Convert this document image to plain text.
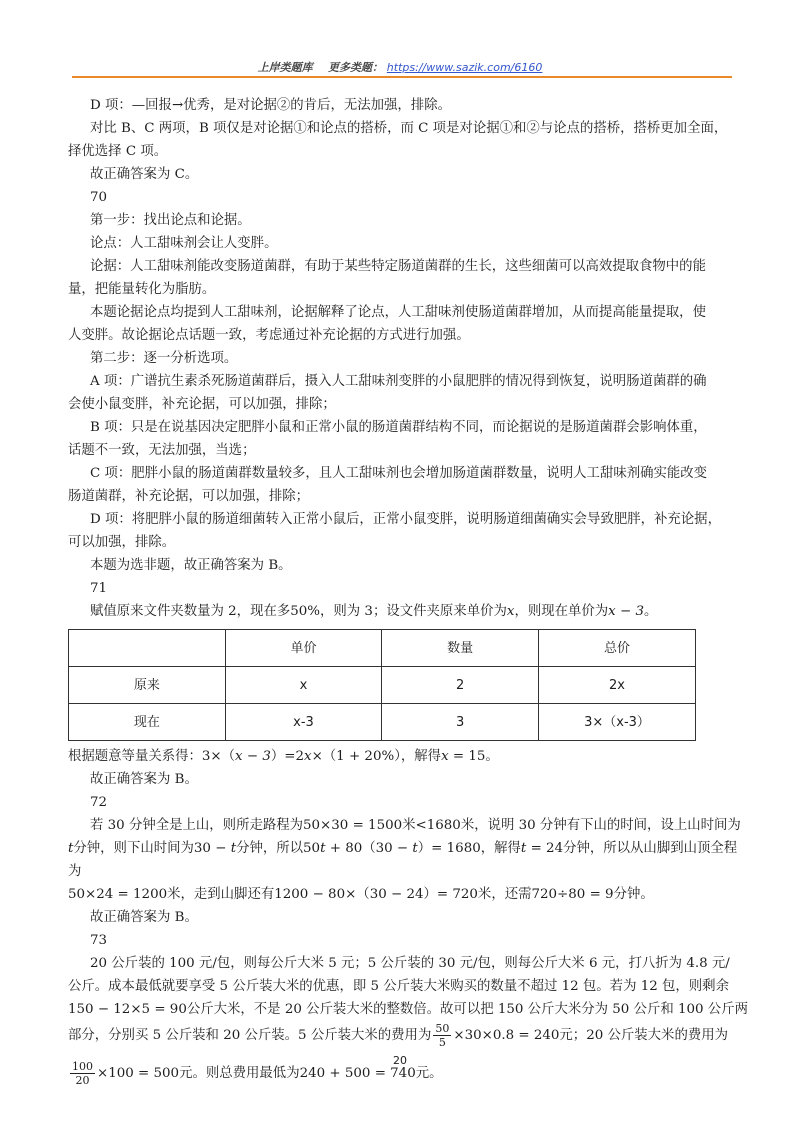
上岸类题库 更多类题： https://www.sazik.com/6160

D 项：—回报→优秀，是对论据②的肯后，无法加强，排除。

对比 B、C 两项，B 项仅是对论据①和论点的搭桥，而 C 项是对论据①和②与论点的搭桥，搭桥更加全面，

择优选择 C 项。

故正确答案为 C。

70

第一步：找出论点和论据。

论点：人工甜味剂会让人变胖。

论据：人工甜味剂能改变肠道菌群，有助于某些特定肠道菌群的生长，这些细菌可以高效提取食物中的能

量，把能量转化为脂肪。

本题论据论点均提到人工甜味剂，论据解释了论点，人工甜味剂使肠道菌群增加，从而提高能量提取，使

人变胖。故论据论点话题一致，考虑通过补充论据的方式进行加强。

第二步：逐一分析选项。

A 项：广谱抗生素杀死肠道菌群后，摄入人工甜味剂变胖的小鼠肥胖的情况得到恢复，说明肠道菌群的确

会使小鼠变胖，补充论据，可以加强，排除；

B 项：只是在说基因决定肥胖小鼠和正常小鼠的肠道菌群结构不同，而论据说的是肠道菌群会影响体重，

话题不一致，无法加强，当选；

C 项：肥胖小鼠的肠道菌群数量较多，且人工甜味剂也会增加肠道菌群数量，说明人工甜味剂确实能改变

肠道菌群，补充论据，可以加强，排除；

D 项：将肥胖小鼠的肠道细菌转入正常小鼠后，正常小鼠变胖，说明肠道细菌确实会导致肥胖，补充论据，

可以加强，排除。

本题为选非题，故正确答案为 B。

71

赋值原来文件夹数量为 2，现在多50%，则为 3；设文件夹原来单价为x，则现在单价为x − 3。

	单价	数量	总价
原来	x	2	2x
现在	x-3	3	3×（x-3）

根据题意等量关系得：3×（x − 3）=2x×（1 + 20%），解得x = 15。

故正确答案为 B。

72

若 30 分钟全是上山，则所走路程为50×30 = 1500米<1680米，说明 30 分钟有下山的时间，设上山时间为

t分钟，则下山时间为30 − t分钟，所以50t + 80（30 − t）= 1680，解得t = 24分钟，所以从山脚到山顶全程为

50×24 = 1200米，走到山脚还有1200 − 80×（30 − 24）= 720米，还需720÷80 = 9分钟。

故正确答案为 B。

73

20 公斤装的 100 元/包，则每公斤大米 5 元；5 公斤装的 30 元/包，则每公斤大米 6 元，打八折为 4.8 元/

公斤。成本最低就要享受 5 公斤装大米的优惠，即 5 公斤装大米购买的数量不超过 12 包。若为 12 包，则剩余

150 − 12×5 = 90公斤大米，不是 20 公斤装大米的整数倍。故可以把 150 公斤大米分为 50 公斤和 100 公斤两

部分，分别买 5 公斤装和 20 公斤装。5 公斤装大米的费用为 $\frac{50}{5} \times 30\times 0.8 = 240$元；20 公斤装大米的费用为

$\frac{100}{20} \times 100 = 500$元。则总费用最低为240 + 500 = 740元。

20
